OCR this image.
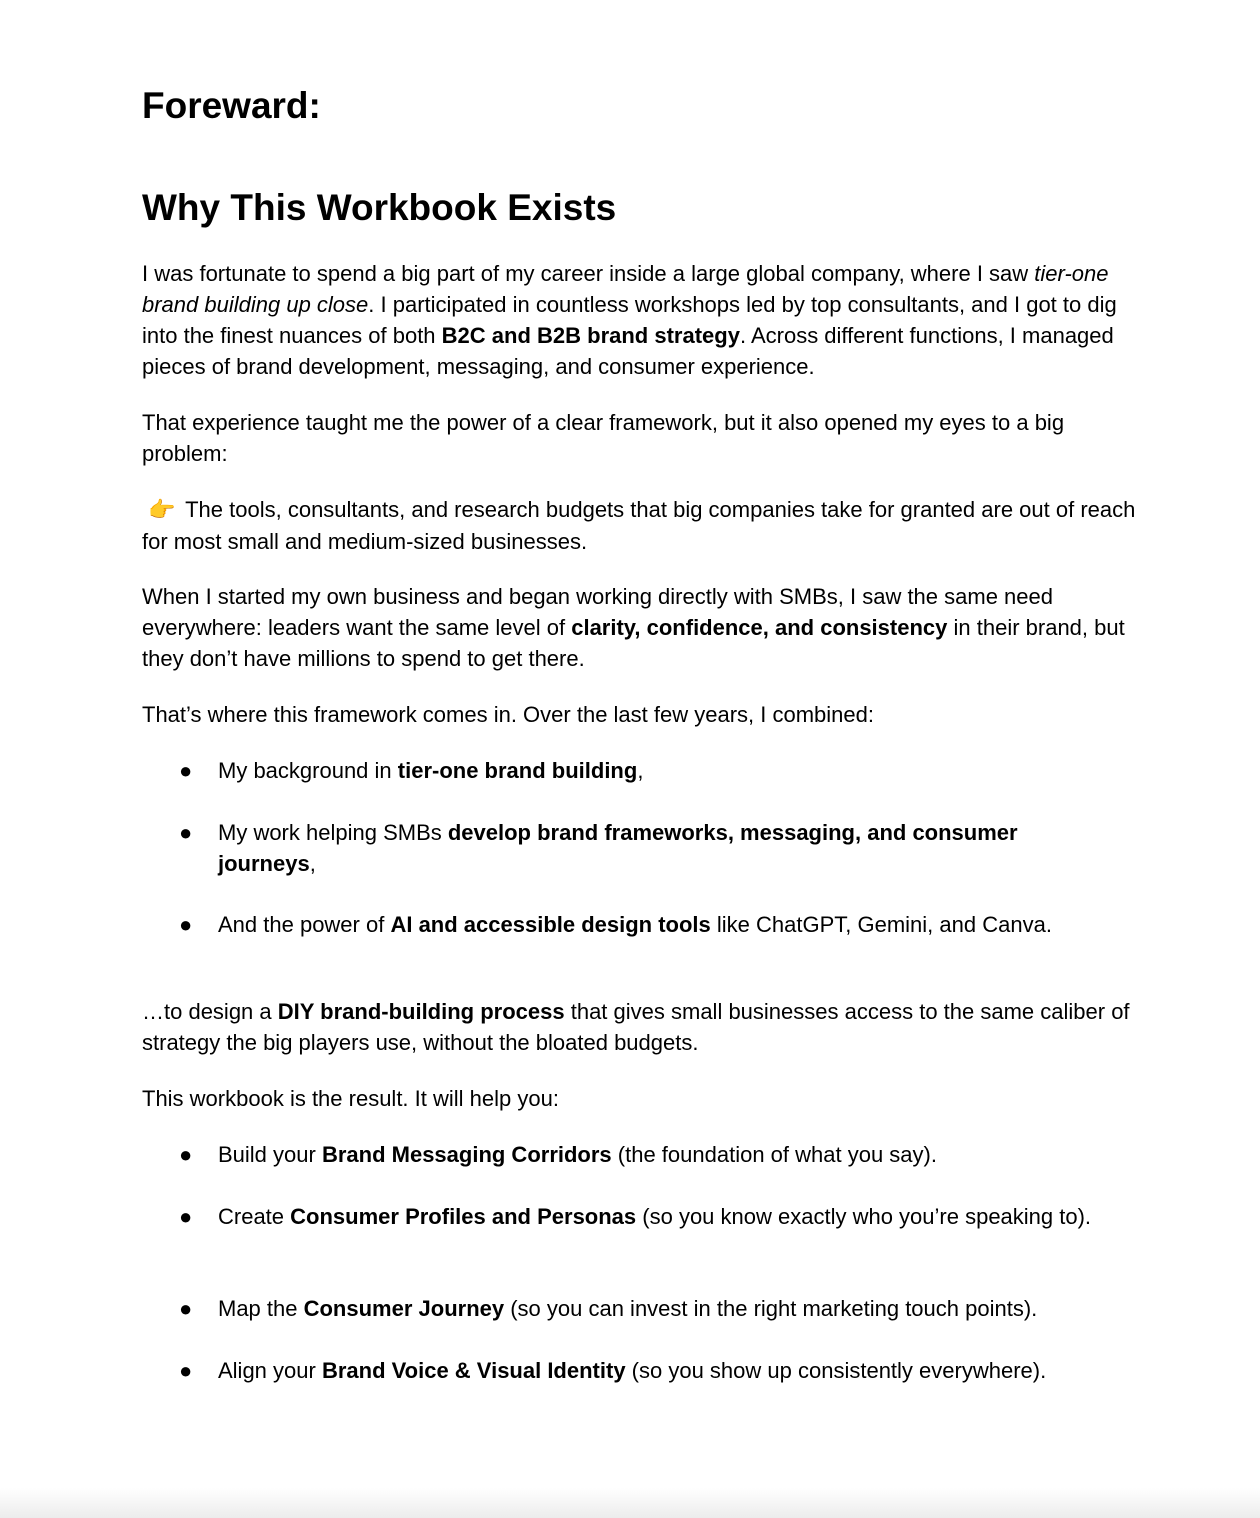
Foreward:
Why This Workbook Exists

I was fortunate to spend a big part of my career inside a large global company, where I saw tier-one brand building up close. I participated in countless workshops led by top consultants, and I got to dig into the finest nuances of both B2C and B2B brand strategy. Across different functions, I managed pieces of brand development, messaging, and consumer experience.

That experience taught me the power of a clear framework, but it also opened my eyes to a big problem:

👉 The tools, consultants, and research budgets that big companies take for granted are out of reach for most small and medium-sized businesses.

When I started my own business and began working directly with SMBs, I saw the same need everywhere: leaders want the same level of clarity, confidence, and consistency in their brand, but they don’t have millions to spend to get there.

That’s where this framework comes in. Over the last few years, I combined:

● My background in tier-one brand building,
● My work helping SMBs develop brand frameworks, messaging, and consumer journeys,
● And the power of AI and accessible design tools like ChatGPT, Gemini, and Canva.

…to design a DIY brand-building process that gives small businesses access to the same caliber of strategy the big players use, without the bloated budgets.

This workbook is the result. It will help you:

● Build your Brand Messaging Corridors (the foundation of what you say).
● Create Consumer Profiles and Personas (so you know exactly who you’re speaking to).
● Map the Consumer Journey (so you can invest in the right marketing touch points).
● Align your Brand Voice & Visual Identity (so you show up consistently everywhere).
